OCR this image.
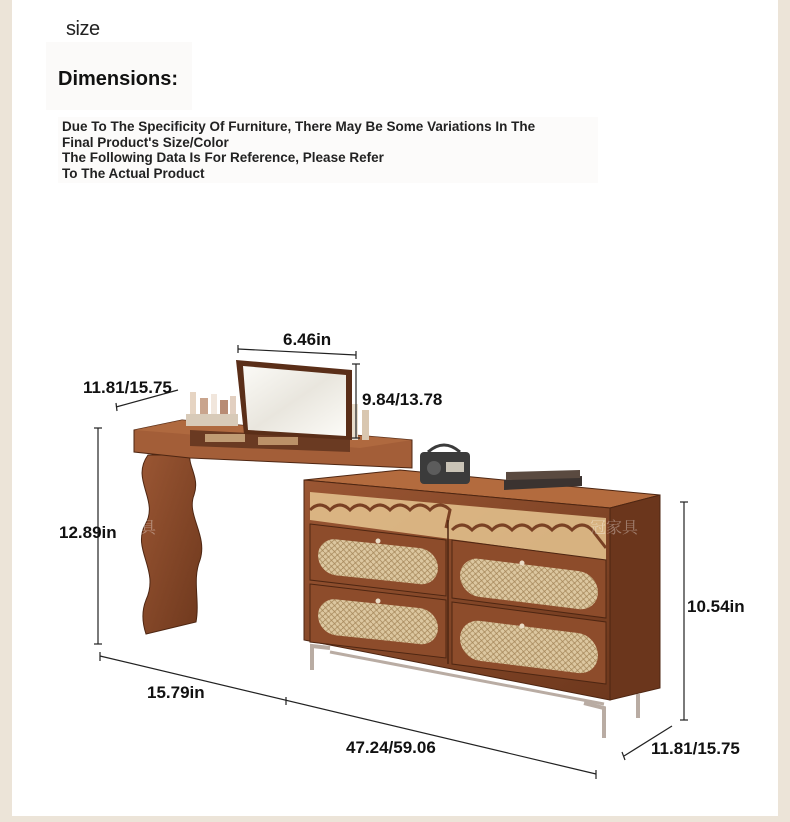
size
Dimensions:

Due To The Specificity Of Furniture, There May Be Some Variations In The Final Product's Size/Color

The Following Data Is For Reference, Please Refer To The Actual Product

冠家具
具
6.46in
11.81/15.75
9.84/13.78
12.89in
10.54in
15.79in
47.24/59.06	11.81/15.75
